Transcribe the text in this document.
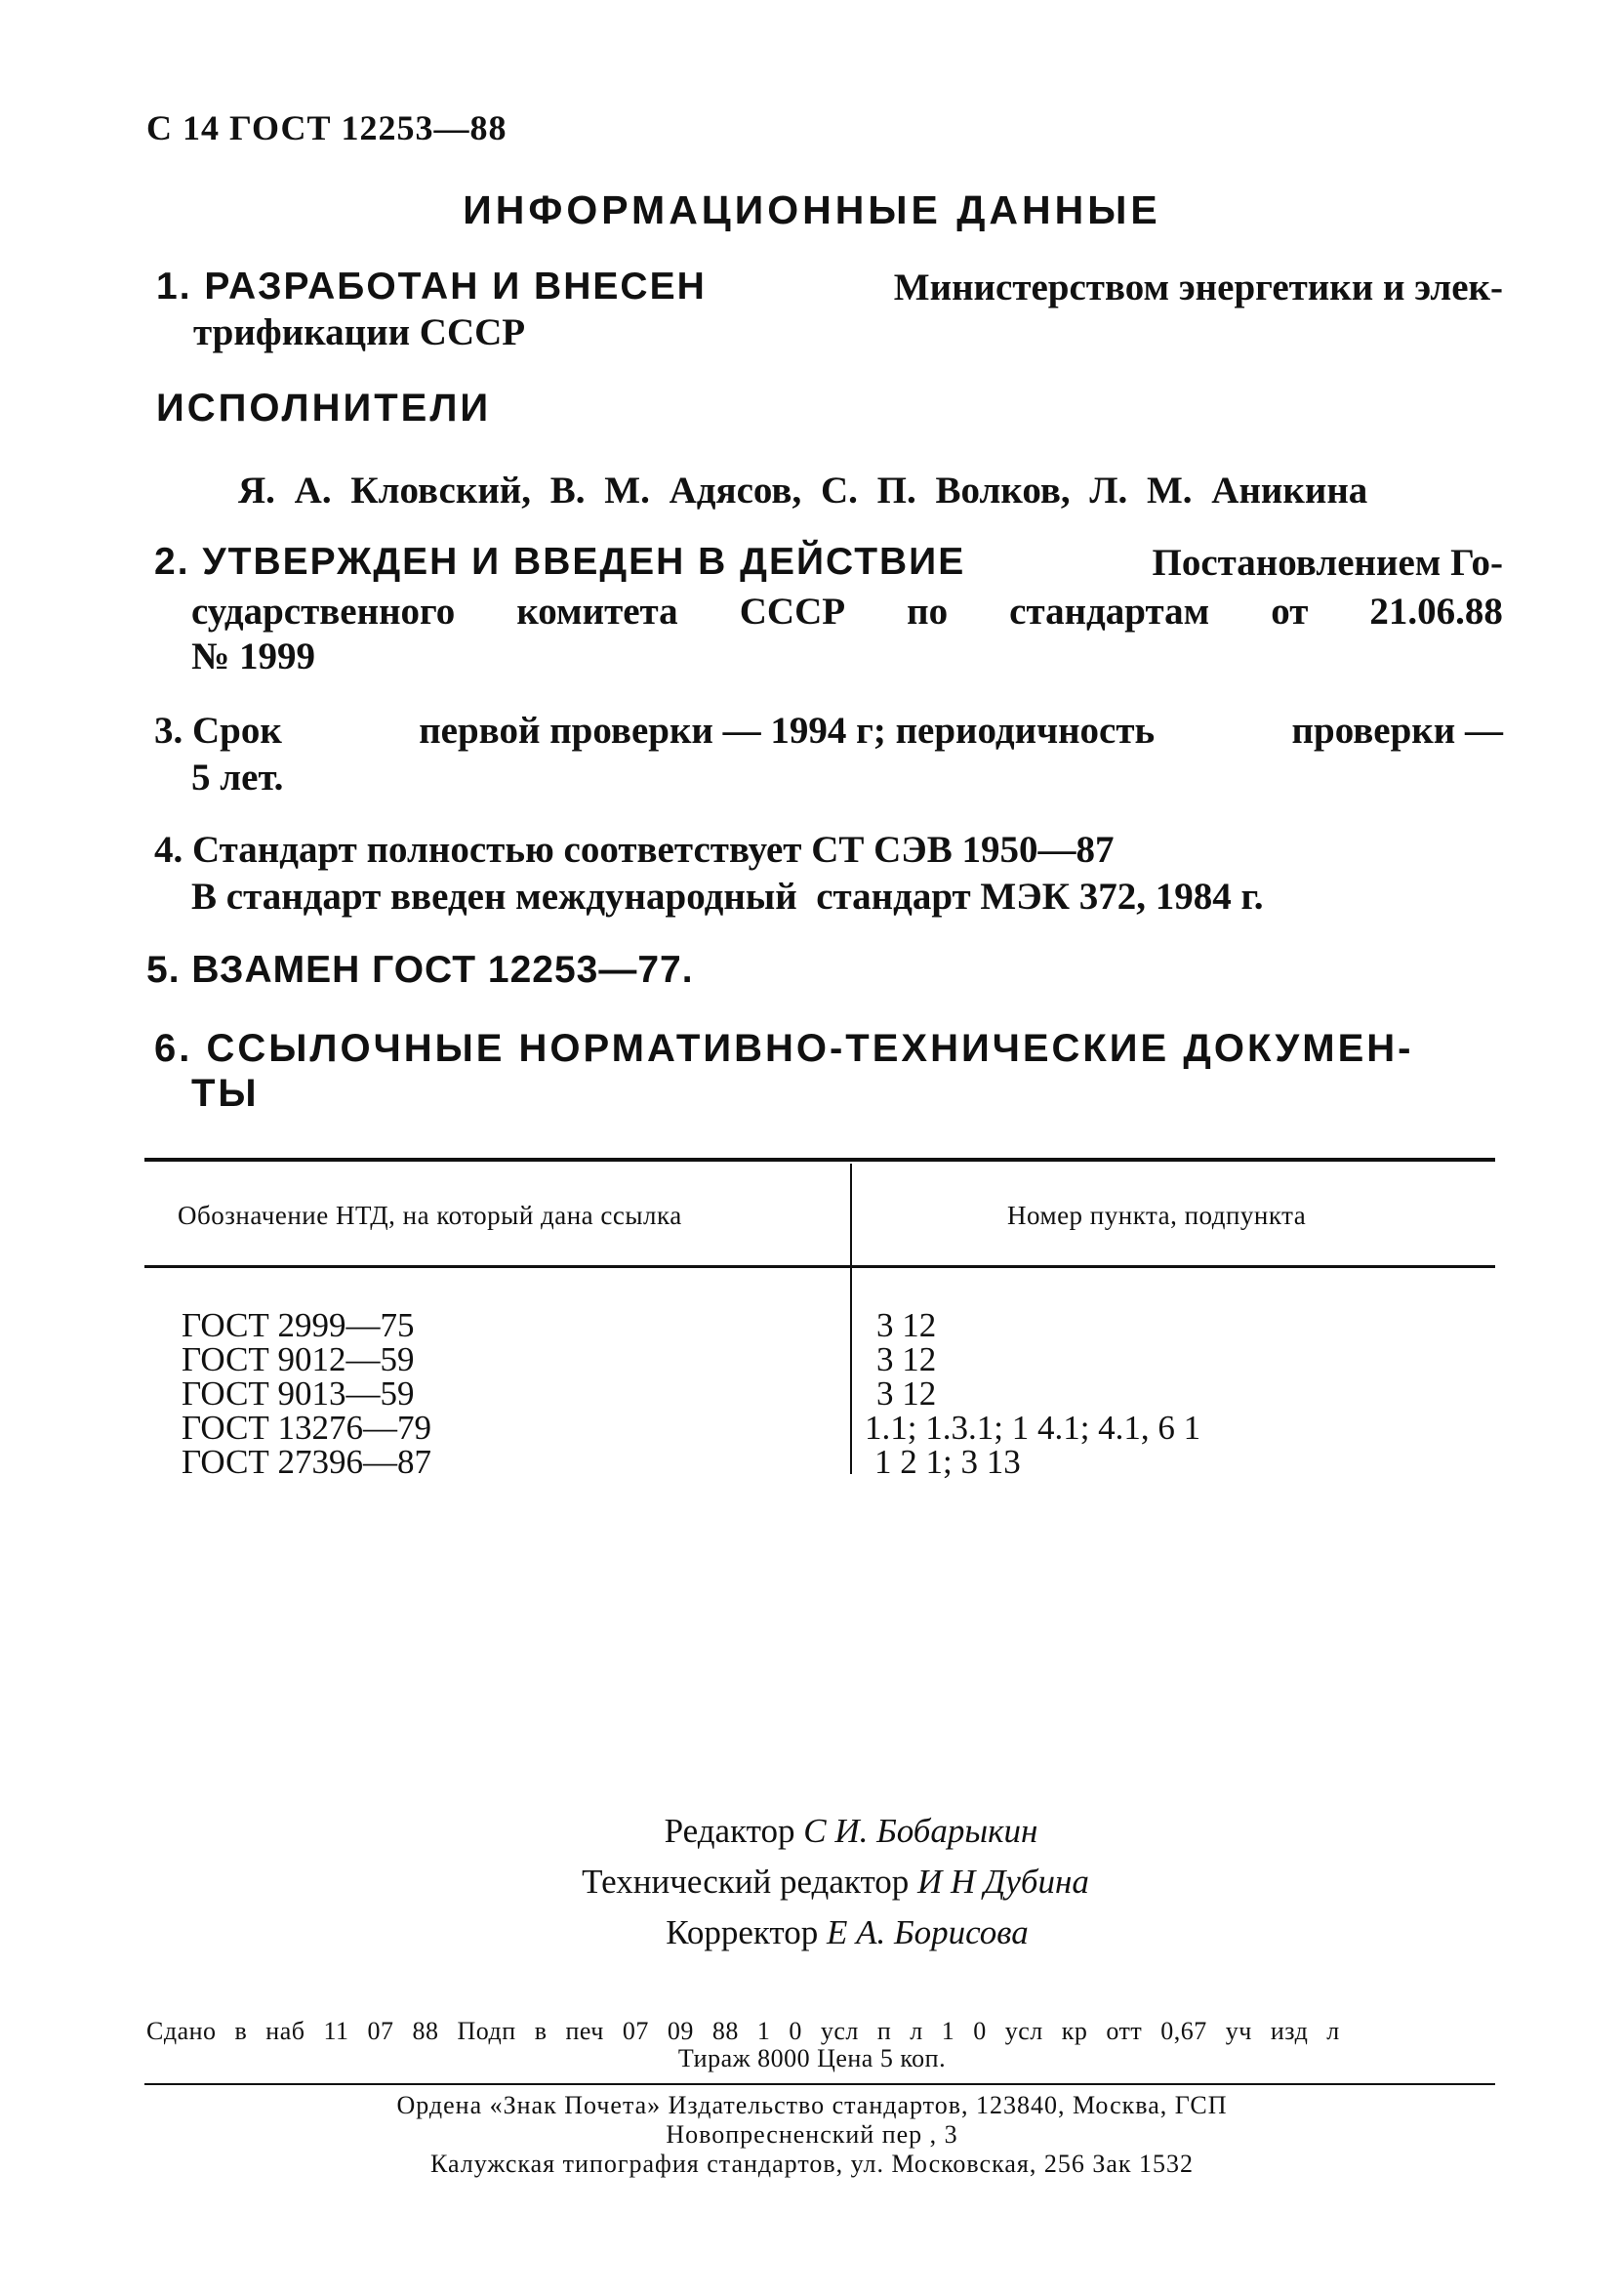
С 14 ГОСТ 12253—88
ИНФОРМАЦИОННЫЕ ДАННЫЕ
1. РАЗРАБОТАН И ВНЕСЕН	Министерством энергетики и элек-
трификации СССР
ИСПОЛНИТЕЛИ
Я. А. Кловский, В. М. Адясов, С. П. Волков, Л. М. Аникина
2. УТВЕРЖДЕН И ВВЕДЕН В ДЕЙСТВИЕ	Постановлением Го-
сударственного комитета СССР по стандартам от 21.06.88
№ 1999
3. Срок	первой проверки — 1994 г; периодичность	проверки —
5 лет.
4. Стандарт полностью соответствует СТ СЭВ 1950—87
В стандарт введен международный  стандарт МЭК 372, 1984 г.
5. ВЗАМЕН ГОСТ 12253—77.
6. ССЫЛОЧНЫЕ НОРМАТИВНО-ТЕХНИЧЕСКИЕ ДОКУМЕН-
ТЫ
Обозначение НТД, на который дана ссылка	Номер пункта, подпункта
ГОСТ 2999—75	3 12
ГОСТ 9012—59	3 12
ГОСТ 9013—59	3 12
ГОСТ 13276—79	1.1; 1.3.1; 1 4.1; 4.1, 6 1
ГОСТ 27396—87	1 2 1; 3 13
Редактор С И. Бобарыкин
Технический редактор И Н Дубина
Корректор Е А. Борисова
Сдано в наб 11 07 88 Подп в печ 07 09 88 1 0 усл п л 1 0 усл кр отт 0,67 уч изд л
Тираж 8000 Цена 5 коп.
Ордена «Знак Почета» Издательство стандартов, 123840, Москва, ГСП
Новопресненский пер , 3
Калужская типография стандартов, ул. Московская, 256 Зак 1532
